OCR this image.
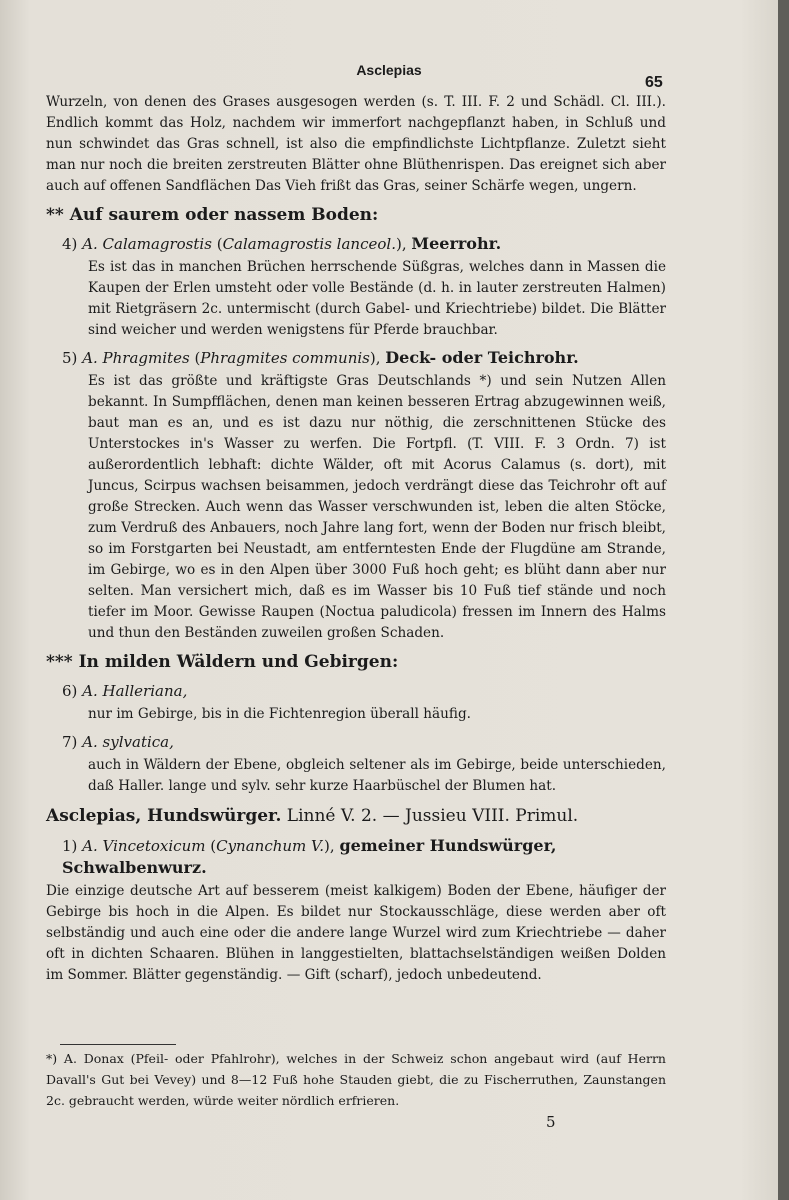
Asclepias
65

Wurzeln, von denen des Grases ausgesogen werden (s. T. III. F. 2 und Schädl. Cl. III.). Endlich kommt das Holz, nachdem wir immerfort nachgepflanzt haben, in Schluß und nun schwindet das Gras schnell, ist also die empfindlichste Lichtpflanze. Zuletzt sieht man nur noch die breiten zerstreuten Blätter ohne Blüthenrispen. Das ereignet sich aber auch auf offenen Sandflächen Das Vieh frißt das Gras, seiner Schärfe wegen, ungern.

** Auf saurem oder nassem Boden:
4) A. Calamagrostis (Calamagrostis lanceol.), Meerrohr.

Es ist das in manchen Brüchen herrschende Süßgras, welches dann in Massen die Kaupen der Erlen umsteht oder volle Bestände (d. h. in lauter zerstreuten Halmen) mit Rietgräsern 2c. untermischt (durch Gabel- und Kriechtriebe) bildet. Die Blätter sind weicher und werden wenigstens für Pferde brauchbar.

5) A. Phragmites (Phragmites communis), Deck- oder Teichrohr.

Es ist das größte und kräftigste Gras Deutschlands *) und sein Nutzen Allen bekannt. In Sumpfflächen, denen man keinen besseren Ertrag abzugewinnen weiß, baut man es an, und es ist dazu nur nöthig, die zerschnittenen Stücke des Unterstockes in's Wasser zu werfen. Die Fortpfl. (T. VIII. F. 3 Ordn. 7) ist außerordentlich lebhaft: dichte Wälder, oft mit Acorus Calamus (s. dort), mit Juncus, Scirpus wachsen beisammen, jedoch verdrängt diese das Teichrohr oft auf große Strecken. Auch wenn das Wasser verschwunden ist, leben die alten Stöcke, zum Verdruß des Anbauers, noch Jahre lang fort, wenn der Boden nur frisch bleibt, so im Forstgarten bei Neustadt, am entferntesten Ende der Flugdüne am Strande, im Gebirge, wo es in den Alpen über 3000 Fuß hoch geht; es blüht dann aber nur selten. Man versichert mich, daß es im Wasser bis 10 Fuß tief stände und noch tiefer im Moor. Gewisse Raupen (Noctua paludicola) fressen im Innern des Halms und thun den Beständen zuweilen großen Schaden.

*** In milden Wäldern und Gebirgen:
6) A. Halleriana,

nur im Gebirge, bis in die Fichtenregion überall häufig.

7) A. sylvatica,

auch in Wäldern der Ebene, obgleich seltener als im Gebirge, beide unterschieden, daß Haller. lange und sylv. sehr kurze Haarbüschel der Blumen hat.

Asclepias, Hundswürger. Linné V. 2. — Jussieu VIII. Primul.
1) A. Vincetoxicum (Cynanchum V.), gemeiner Hundswürger, Schwalbenwurz.

Die einzige deutsche Art auf besserem (meist kalkigem) Boden der Ebene, häufiger der Gebirge bis hoch in die Alpen. Es bildet nur Stockausschläge, diese werden aber oft selbständig und auch eine oder die andere lange Wurzel wird zum Kriechtriebe — daher oft in dichten Schaaren. Blühen in langgestielten, blattachselständigen weißen Dolden im Sommer. Blätter gegenständig. — Gift (scharf), jedoch unbedeutend.

*) A. Donax (Pfeil- oder Pfahlrohr), welches in der Schweiz schon angebaut wird (auf Herrn Davall's Gut bei Vevey) und 8—12 Fuß hohe Stauden giebt, die zu Fischerruthen, Zaunstangen 2c. gebraucht werden, würde weiter nördlich erfrieren.
5
